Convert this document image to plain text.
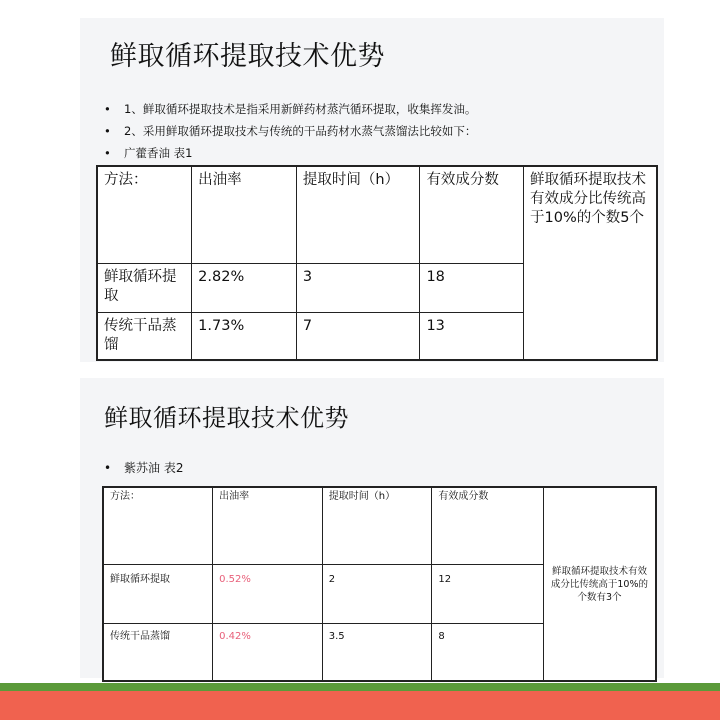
鲜取循环提取技术优势
• 1、鲜取循环提取技术是指采用新鲜药材蒸汽循环提取，收集挥发油。
• 2、采用鲜取循环提取技术与传统的干品药材水蒸气蒸馏法比较如下：
• 广藿香油 表1
方法：	出油率	提取时间（h）	有效成分数	鲜取循环提取技术有效成分比传统高于10%的个数5个
鲜取循环提取	2.82%	3	18	
传统干品蒸馏	1.73%	7	13	
鲜取循环提取技术优势
• 紫苏油 表2
方法：	出油率	提取时间（h）	有效成分数	鲜取循环提取技术有效成分比传统高于10%的个数有3个
鲜取循环提取	0.52%	2	12	
传统干品蒸馏	0.42%	3.5	8	
